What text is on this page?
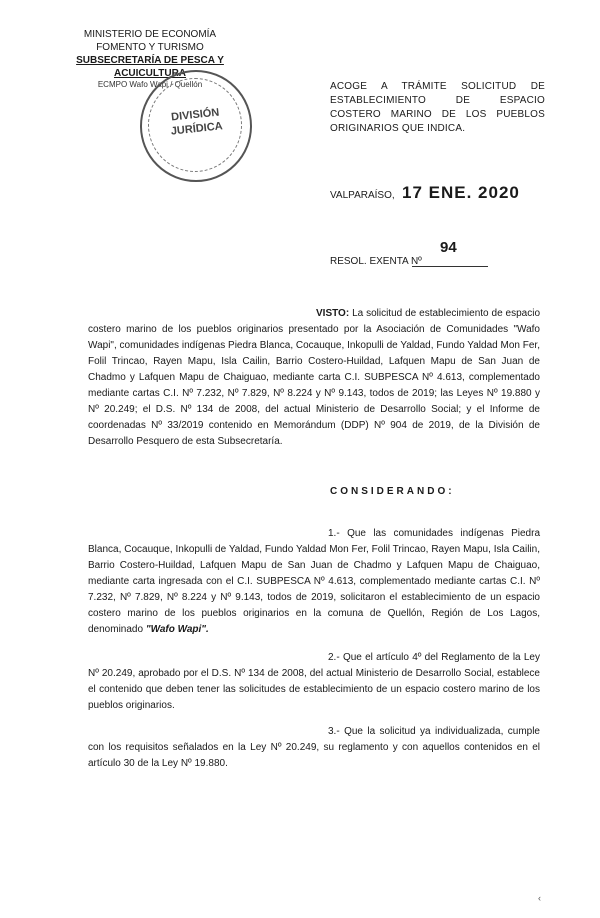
MINISTERIO DE ECONOMÍA
FOMENTO Y TURISMO
SUBSECRETARÍA DE PESCA Y ACUICULTURA
ECMPO Wafo Wapi / Quellón
DIVISIÓN
JURÍDICA
ACOGE A TRÁMITE SOLICITUD DE ESTABLECIMIENTO DE ESPACIO COSTERO MARINO DE LOS PUEBLOS ORIGINARIOS QUE INDICA.
VALPARAÍSO, 17 ENE. 2020
RESOL. EXENTA Nº
94
VISTO: La solicitud de establecimiento de espacio costero marino de los pueblos originarios presentado por la Asociación de Comunidades "Wafo Wapi", comunidades indígenas Piedra Blanca, Cocauque, Inkopulli de Yaldad, Fundo Yaldad Mon Fer, Folil Trincao, Rayen Mapu, Isla Cailin, Barrio Costero-Huildad, Lafquen Mapu de San Juan de Chadmo y Lafquen Mapu de Chaiguao, mediante carta C.I. SUBPESCA Nº 4.613, complementado mediante cartas C.I. Nº 7.232, Nº 7.829, Nº 8.224 y Nº 9.143, todos de 2019; las Leyes Nº 19.880 y Nº 20.249; el D.S. Nº 134 de 2008, del actual Ministerio de Desarrollo Social; y el Informe de coordenadas Nº 33/2019 contenido en Memorándum (DDP) Nº 904 de 2019, de la División de Desarrollo Pesquero de esta Subsecretaría.
CONSIDERANDO:
1.- Que las comunidades indígenas Piedra Blanca, Cocauque, Inkopulli de Yaldad, Fundo Yaldad Mon Fer, Folil Trincao, Rayen Mapu, Isla Cailin, Barrio Costero-Huildad, Lafquen Mapu de San Juan de Chadmo y Lafquen Mapu de Chaiguao, mediante carta ingresada con el C.I. SUBPESCA Nº 4.613, complementado mediante cartas C.I. Nº 7.232, Nº 7.829, Nº 8.224 y Nº 9.143, todos de 2019, solicitaron el establecimiento de un espacio costero marino de los pueblos originarios en la comuna de Quellón, Región de Los Lagos, denominado "Wafo Wapi".
2.- Que el artículo 4º del Reglamento de la Ley Nº 20.249, aprobado por el D.S. Nº 134 de 2008, del actual Ministerio de Desarrollo Social, establece el contenido que deben tener las solicitudes de establecimiento de un espacio costero marino de los pueblos originarios.
3.- Que la solicitud ya individualizada, cumple con los requisitos señalados en la Ley Nº 20.249, su reglamento y con aquellos contenidos en el artículo 30 de la Ley Nº 19.880.
‹
